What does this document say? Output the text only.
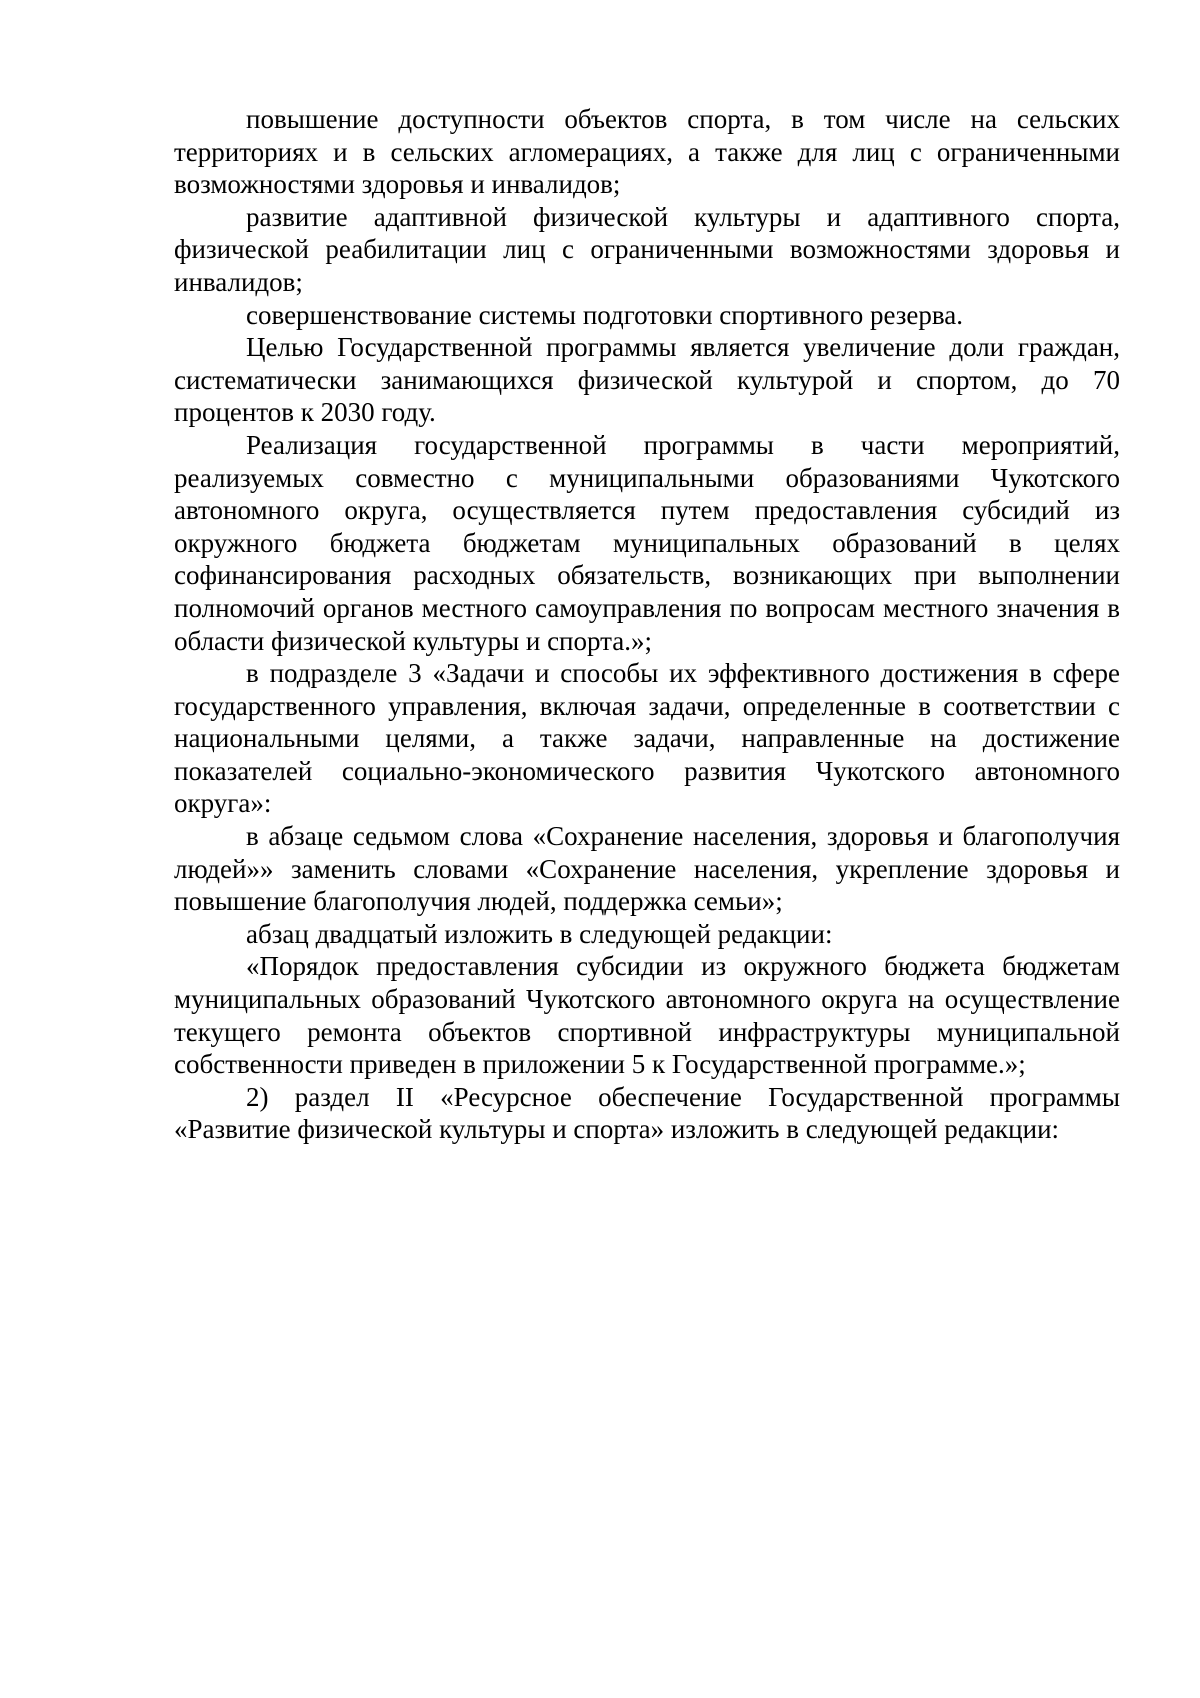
повышение доступности объектов спорта, в том числе на сельских территориях и в сельских агломерациях, а также для лиц с ограниченными возможностями здоровья и инвалидов;

развитие адаптивной физической культуры и адаптивного спорта, физической реабилитации лиц с ограниченными возможностями здоровья и инвалидов;

совершенствование системы подготовки спортивного резерва.

Целью Государственной программы является увеличение доли граждан, систематически занимающихся физической культурой и спортом, до 70 процентов к 2030 году.

Реализация государственной программы в части мероприятий, реализуемых совместно с муниципальными образованиями Чукотского автономного округа, осуществляется путем предоставления субсидий из окружного бюджета бюджетам муниципальных образований в целях софинансирования расходных обязательств, возникающих при выполнении полномочий органов местного самоуправления по вопросам местного значения в области физической культуры и спорта.»;

в подразделе 3 «Задачи и способы их эффективного достижения в сфере государственного управления, включая задачи, определенные в соответствии с национальными целями, а также задачи, направленные на достижение показателей социально-экономического развития Чукотского автономного округа»:

в абзаце седьмом слова «Сохранение населения, здоровья и благополучия людей»» заменить словами «Сохранение населения, укрепление здоровья и повышение благополучия людей, поддержка семьи»;

абзац двадцатый изложить в следующей редакции:

«Порядок предоставления субсидии из окружного бюджета бюджетам муниципальных образований Чукотского автономного округа на осуществление текущего ремонта объектов спортивной инфраструктуры муниципальной собственности приведен в приложении 5 к Государственной программе.»;

2) раздел II «Ресурсное обеспечение Государственной программы «Развитие физической культуры и спорта» изложить в следующей редакции:
